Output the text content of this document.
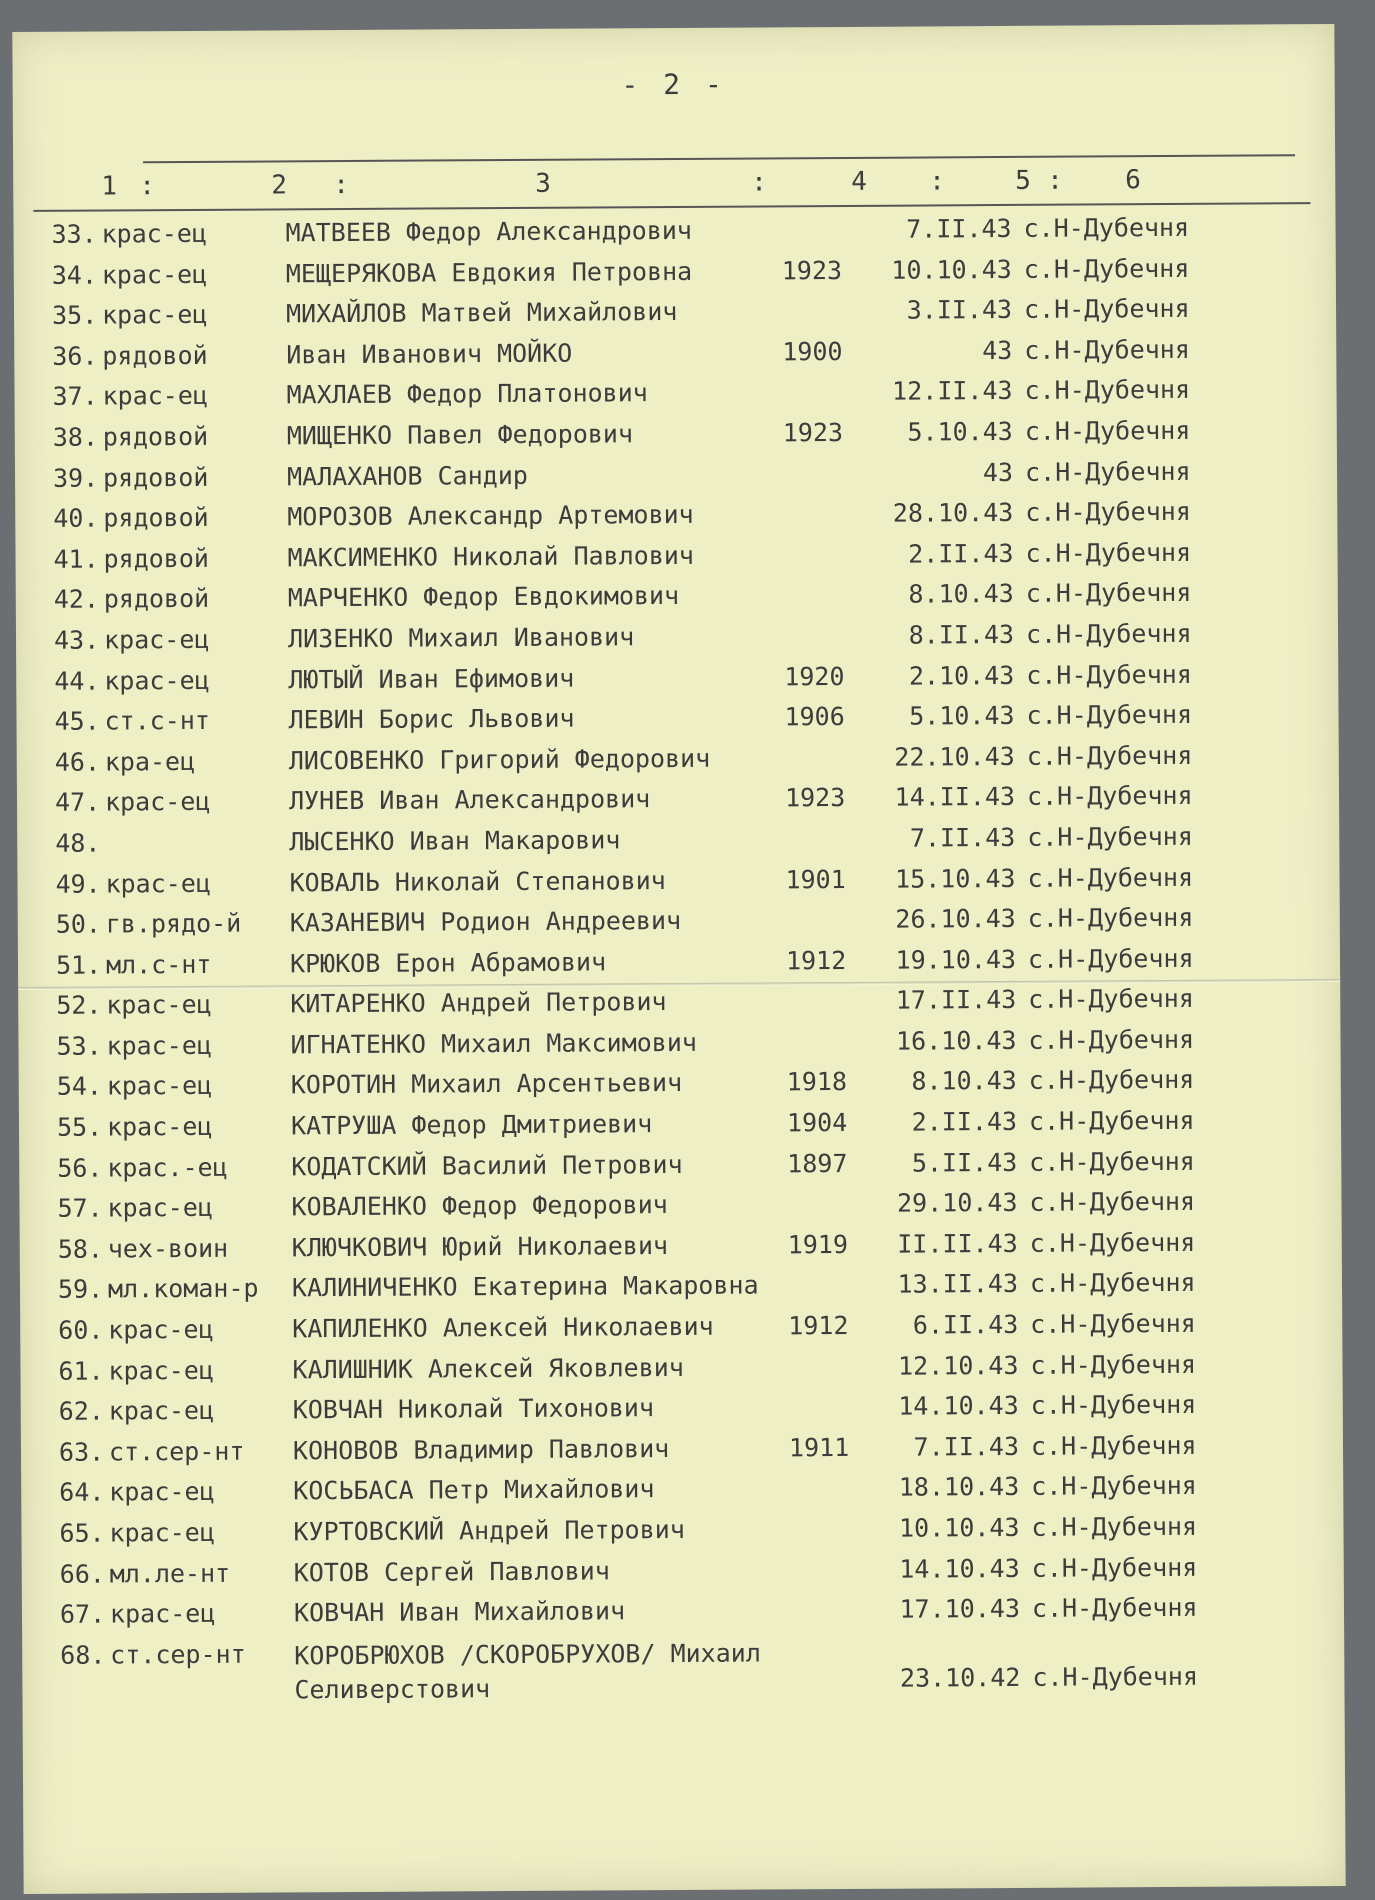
- 2 -
1 :	2 :	3	:	4 :	5 : 6
33. крас-ец	МАТВЕЕВ Федор Александрович	7.II.43 с.Н-Дубечня
34. крас-ец	МЕЩЕРЯКОВА Евдокия Петровна	1923	10.10.43 с.Н-Дубечня
35. крас-ец	МИХАЙЛОВ Матвей Михайлович	3.II.43 с.Н-Дубечня
36. рядовой	Иван Иванович МОЙКО	1900	43 с.Н-Дубечня
37. крас-ец	МАХЛАЕВ Федор Платонович	12.II.43 с.Н-Дубечня
38. рядовой	МИЩЕНКО Павел Федорович	1923	5.10.43 с.Н-Дубечня
39. рядовой	МАЛАХАНОВ Сандир	43 с.Н-Дубечня
40. рядовой	МОРОЗОВ Александр Артемович	28.10.43 с.Н-Дубечня
41. рядовой	МАКСИМЕНКО Николай Павлович	2.II.43 с.Н-Дубечня
42. рядовой	МАРЧЕНКО Федор Евдокимович	8.10.43 с.Н-Дубечня
43. крас-ец	ЛИЗЕНКО Михаил Иванович	8.II.43 с.Н-Дубечня
44. крас-ец	ЛЮТЫЙ Иван Ефимович	1920	2.10.43 с.Н-Дубечня
45. ст.с-нт	ЛЕВИН Борис Львович	1906	5.10.43 с.Н-Дубечня
46. кра-ец	ЛИСОВЕНКО Григорий Федорович	22.10.43 с.Н-Дубечня
47. крас-ец	ЛУНЕВ Иван Александрович	1923	14.II.43 с.Н-Дубечня
48.	ЛЫСЕНКО Иван Макарович	7.II.43 с.Н-Дубечня
49. крас-ец	КОВАЛЬ Николай Степанович	1901	15.10.43 с.Н-Дубечня
50. гв.рядо-й КАЗАНЕВИЧ Родион Андреевич	26.10.43 с.Н-Дубечня
51. мл.с-нт	КРЮКОВ Ерон Абрамович	1912	19.10.43 с.Н-Дубечня
52. крас-ец	КИТАРЕНКО Андрей Петрович	17.II.43 с.Н-Дубечня
53. крас-ец	ИГНАТЕНКО Михаил Максимович	16.10.43 с.Н-Дубечня
54. крас-ец	КОРОТИН Михаил Арсентьевич	1918	8.10.43 с.Н-Дубечня
55. крас-ец	КАТРУША Федор Дмитриевич	1904	2.II.43 с.Н-Дубечня
56. крас.-ец	КОДАТСКИЙ Василий Петрович	1897	5.II.43 с.Н-Дубечня
57. крас-ец	КОВАЛЕНКО Федор Федорович	29.10.43 с.Н-Дубечня
58. чех-воин	КЛЮЧКОВИЧ Юрий Николаевич	1919	II.II.43 с.Н-Дубечня
59. мл.коман-р КАЛИНИЧЕНКО Екатерина Макаровна	13.II.43 с.Н-Дубечня
60. крас-ец	КАПИЛЕНКО Алексей Николаевич	1912	6.II.43 с.Н-Дубечня
61. крас-ец	КАЛИШНИК Алексей Яковлевич	12.10.43 с.Н-Дубечня
62. крас-ец	КОВЧАН Николай Тихонович	14.10.43 с.Н-Дубечня
63. ст.сер-нт КОНОВОВ Владимир Павлович	1911	7.II.43 с.Н-Дубечня
64. крас-ец	КОСЬБАСА Петр Михайлович	18.10.43 с.Н-Дубечня
65. крас-ец	КУРТОВСКИЙ Андрей Петрович	10.10.43 с.Н-Дубечня
66. мл.ле-нт	КОТОВ Сергей Павлович	14.10.43 с.Н-Дубечня
67. крас-ец	КОВЧАН Иван Михайлович	17.10.43 с.Н-Дубечня
68. ст.сер-нт КОРОБРЮХОВ /СКОРОБРУХОВ/ Михаил Селиверстович	23.10.42 с.Н-Дубечня
